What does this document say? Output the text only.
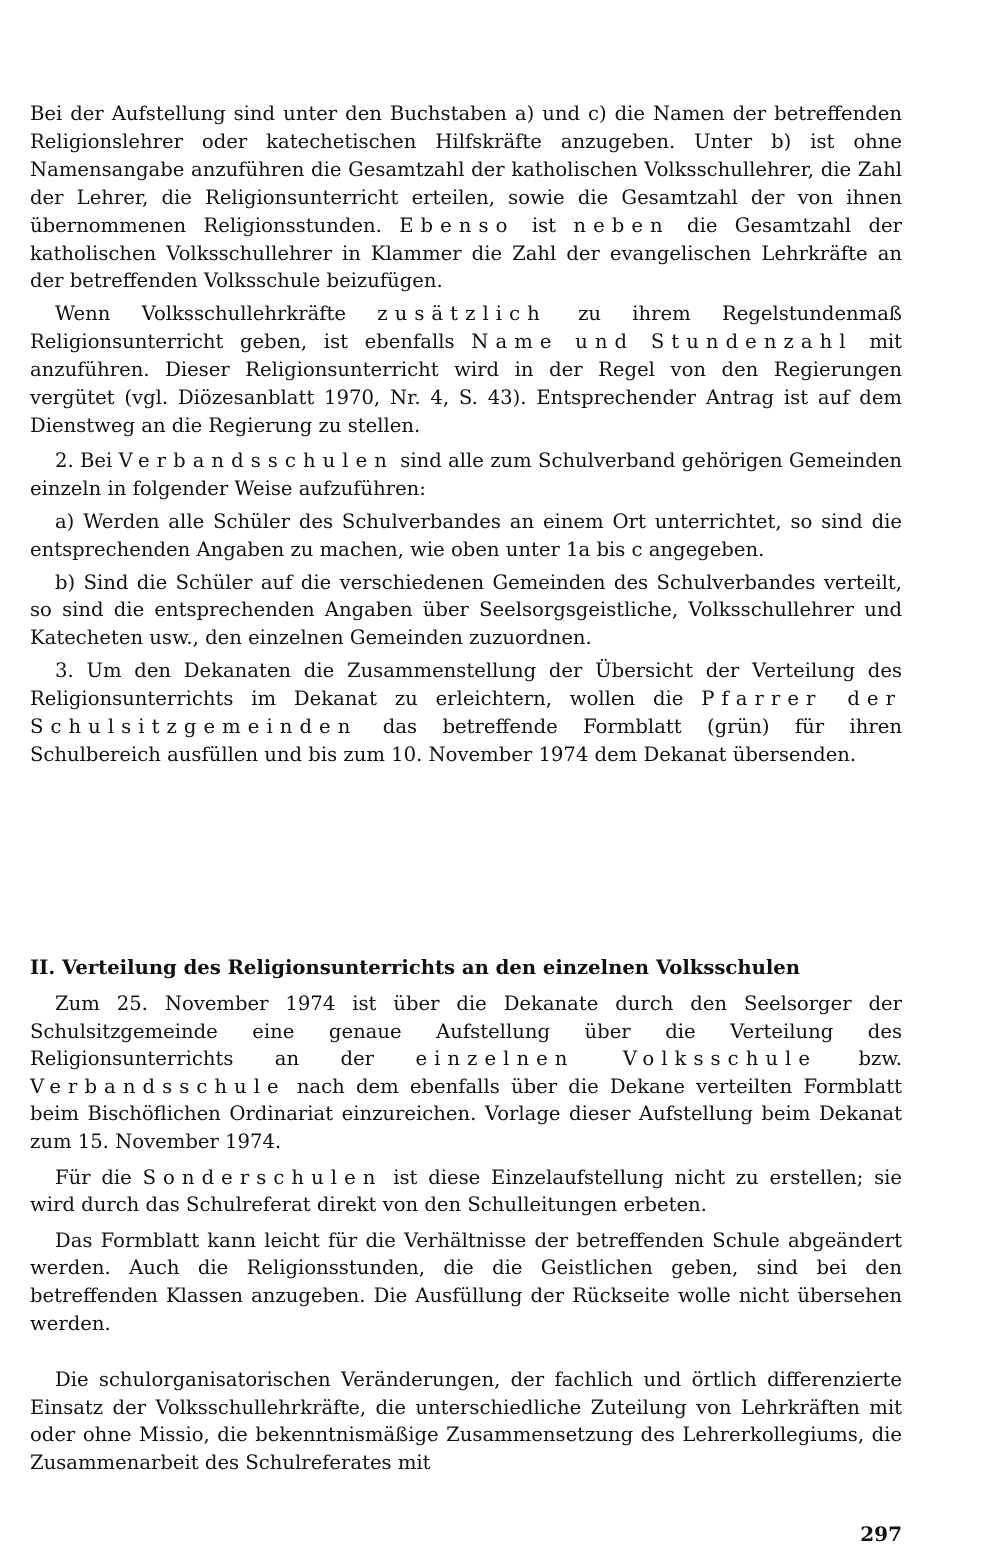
Bei der Aufstellung sind unter den Buchstaben a) und c) die Namen der betreffenden Religionslehrer oder katechetischen Hilfskräfte anzugeben. Unter b) ist ohne Namensangabe anzuführen die Gesamtzahl der katholischen Volksschullehrer, die Zahl der Lehrer, die Religionsunterricht erteilen, sowie die Gesamtzahl der von ihnen übernommenen Religionsstunden. Ebenso ist neben die Gesamtzahl der katholischen Volksschullehrer in Klammer die Zahl der evangelischen Lehrkräfte an der betreffenden Volksschule beizufügen.

Wenn Volksschullehrkräfte zusätzlich zu ihrem Regelstundenmaß Religionsunterricht geben, ist ebenfalls Name und Stundenzahl mit anzuführen. Dieser Religionsunterricht wird in der Regel von den Regierungen vergütet (vgl. Diözesanblatt 1970, Nr. 4, S. 43). Entsprechender Antrag ist auf dem Dienstweg an die Regierung zu stellen.

2. Bei Verbandsschulen sind alle zum Schulverband gehörigen Gemeinden einzeln in folgender Weise aufzuführen:

a) Werden alle Schüler des Schulverbandes an einem Ort unterrichtet, so sind die entsprechenden Angaben zu machen, wie oben unter 1a bis c angegeben.

b) Sind die Schüler auf die verschiedenen Gemeinden des Schulverbandes verteilt, so sind die entsprechenden Angaben über Seelsorgsgeistliche, Volksschullehrer und Katecheten usw., den einzelnen Gemeinden zuzuordnen.

3. Um den Dekanaten die Zusammenstellung der Übersicht der Verteilung des Religionsunterrichts im Dekanat zu erleichtern, wollen die Pfarrer der Schulsitzgemeinden das betreffende Formblatt (grün) für ihren Schulbereich ausfüllen und bis zum 10. November 1974 dem Dekanat übersenden.

II. Verteilung des Religionsunterrichts an den einzelnen Volksschulen

Zum 25. November 1974 ist über die Dekanate durch den Seelsorger der Schulsitzgemeinde eine genaue Aufstellung über die Verteilung des Religionsunterrichts an der einzelnen Volksschule bzw. Verbandsschule nach dem ebenfalls über die Dekane verteilten Formblatt beim Bischöflichen Ordinariat einzureichen. Vorlage dieser Aufstellung beim Dekanat zum 15. November 1974.

Für die Sonderschulen ist diese Einzelaufstellung nicht zu erstellen; sie wird durch das Schulreferat direkt von den Schulleitungen erbeten.

Das Formblatt kann leicht für die Verhältnisse der betreffenden Schule abgeändert werden. Auch die Religionsstunden, die die Geistlichen geben, sind bei den betreffenden Klassen anzugeben. Die Ausfüllung der Rückseite wolle nicht übersehen werden.

Die schulorganisatorischen Veränderungen, der fachlich und örtlich differenzierte Einsatz der Volksschullehrkräfte, die unterschiedliche Zuteilung von Lehrkräften mit oder ohne Missio, die bekenntnismäßige Zusammensetzung des Lehrerkollegiums, die Zusammenarbeit des Schulreferates mit

297
